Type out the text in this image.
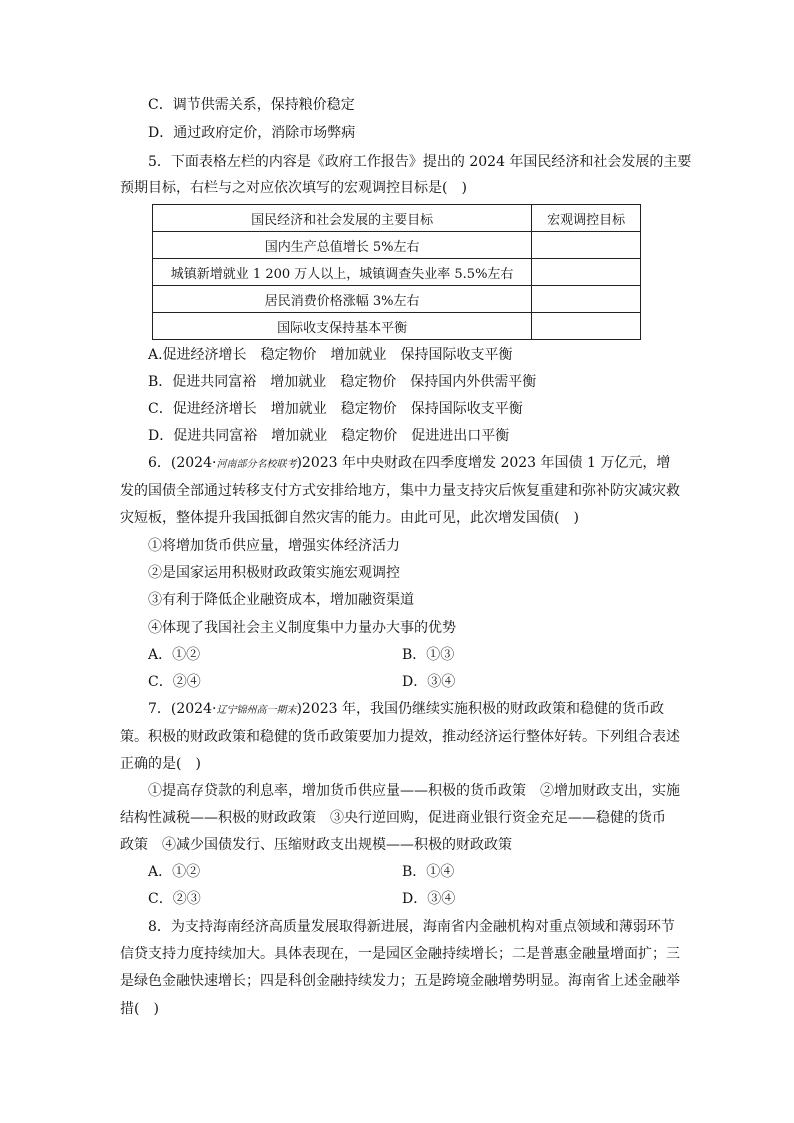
C．调节供需关系，保持粮价稳定
D．通过政府定价，消除市场弊病
5．下面表格左栏的内容是《政府工作报告》提出的 2024 年国民经济和社会发展的主要
预期目标，右栏与之对应依次填写的宏观调控目标是(　)
国民经济和社会发展的主要目标	宏观调控目标
国内生产总值增长 5%左右	
城镇新增就业 1 200 万人以上，城镇调查失业率 5.5%左右	
居民消费价格涨幅 3%左右	
国际收支保持基本平衡	
A.促进经济增长　稳定物价　增加就业　保持国际收支平衡
B．促进共同富裕　增加就业　稳定物价　保持国内外供需平衡
C．促进经济增长　增加就业　稳定物价　保持国际收支平衡
D．促进共同富裕　增加就业　稳定物价　促进进出口平衡
6．(2024·河南部分名校联考)2023 年中央财政在四季度增发 2023 年国债 1 万亿元，增
发的国债全部通过转移支付方式安排给地方，集中力量支持灾后恢复重建和弥补防灾减灾救
灾短板，整体提升我国抵御自然灾害的能力。由此可见，此次增发国债(　)
①将增加货币供应量，增强实体经济活力
②是国家运用积极财政政策实施宏观调控
③有利于降低企业融资成本，增加融资渠道
④体现了我国社会主义制度集中力量办大事的优势
A．①②	B．①③
C．②④	D．③④
7．(2024·辽宁锦州高一期末)2023 年，我国仍继续实施积极的财政政策和稳健的货币政
策。积极的财政政策和稳健的货币政策要加力提效，推动经济运行整体好转。下列组合表述
正确的是(　)
①提高存贷款的利息率，增加货币供应量——积极的货币政策　②增加财政支出，实施
结构性减税——积极的财政政策　③央行逆回购，促进商业银行资金充足——稳健的货币
政策　④减少国债发行、压缩财政支出规模——积极的财政政策
A．①②	B．①④
C．②③	D．③④
8．为支持海南经济高质量发展取得新进展，海南省内金融机构对重点领域和薄弱环节
信贷支持力度持续加大。具体表现在，一是园区金融持续增长；二是普惠金融量增面扩；三
是绿色金融快速增长；四是科创金融持续发力；五是跨境金融增势明显。海南省上述金融举
措(　)
